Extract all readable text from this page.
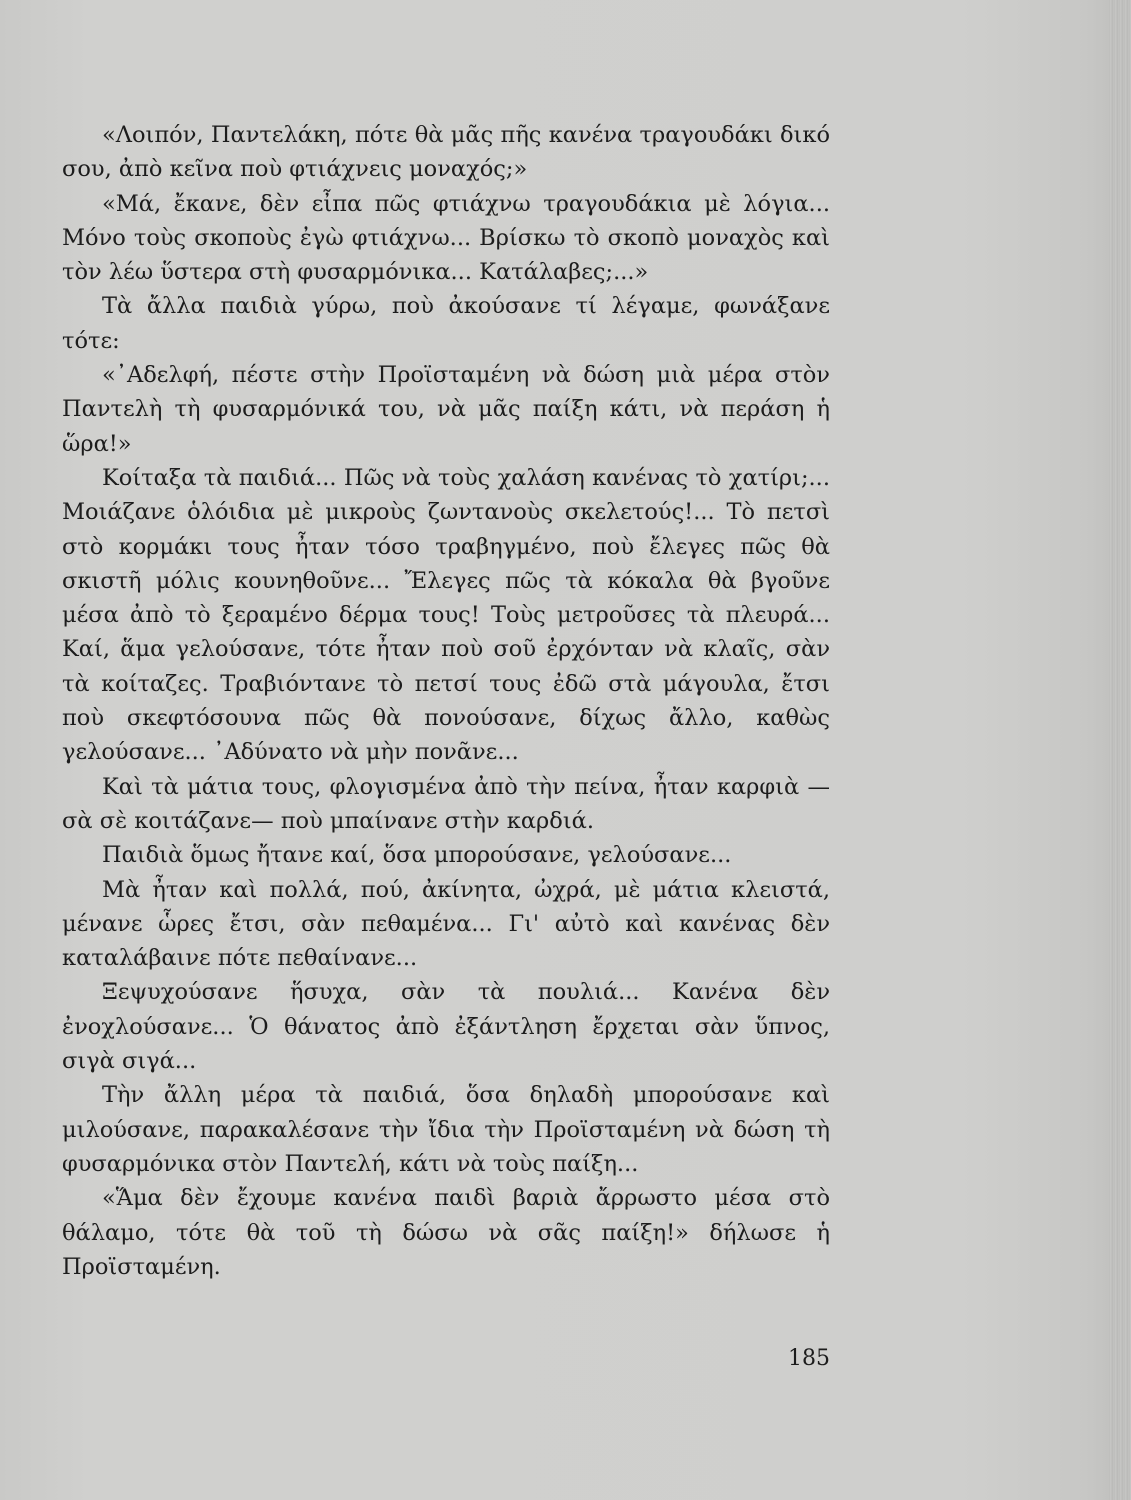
«Λοιπόν, Παντελάκη, πότε θὰ μᾶς πῆς κανένα τραγουδάκι δικό σου, ἀπὸ κεῖνα ποὺ φτιάχνεις μοναχός;»

«Μά, ἔκανε, δὲν εἶπα πῶς φτιάχνω τραγουδάκια μὲ λόγια... Μόνο τοὺς σκοποὺς ἐγὼ φτιάχνω... Βρίσκω τὸ σκοπὸ μοναχὸς καὶ τὸν λέω ὕστερα στὴ φυσαρμόνικα... Κατάλαβες;...»

Τὰ ἄλλα παιδιὰ γύρω, ποὺ ἀκούσανε τί λέγαμε, φωνάξανε τότε:

«᾿Αδελφή, πέστε στὴν Προϊσταμένη νὰ δώση μιὰ μέρα στὸν Παντελὴ τὴ φυσαρμόνικά του, νὰ μᾶς παίξη κάτι, νὰ περάση ἡ ὥρα!»

Κοίταξα τὰ παιδιά... Πῶς νὰ τοὺς χαλάση κανένας τὸ χατίρι;... Μοιάζανε ὁλόιδια μὲ μικροὺς ζωντανοὺς σκελετούς!... Τὸ πετσὶ στὸ κορμάκι τους ἦταν τόσο τραβηγμένο, ποὺ ἔλεγες πῶς θὰ σκιστῆ μόλις κουνηθοῦνε... Ἔλεγες πῶς τὰ κόκαλα θὰ βγοῦνε μέσα ἀπὸ τὸ ξεραμένο δέρμα τους! Τοὺς μετροῦσες τὰ πλευρά... Καί, ἅμα γελούσανε, τότε ἦταν ποὺ σοῦ ἐρχόνταν νὰ κλαῖς, σὰν τὰ κοίταζες. Τραβιόντανε τὸ πετσί τους ἐδῶ στὰ μάγουλα, ἔτσι ποὺ σκεφτόσουνα πῶς θὰ πονούσανε, δίχως ἄλλο, καθὼς γελούσανε... ᾿Αδύνατο νὰ μὴν πονᾶνε...

Καὶ τὰ μάτια τους, φλογισμένα ἀπὸ τὴν πείνα, ἦταν καρφιὰ —σὰ σὲ κοιτάζανε— ποὺ μπαίνανε στὴν καρδιά.

Παιδιὰ ὅμως ἤτανε καί, ὅσα μπορούσανε, γελούσανε...

Μὰ ἦταν καὶ πολλά, πού, ἀκίνητα, ὠχρά, μὲ μάτια κλειστά, μένανε ὧρες ἔτσι, σὰν πεθαμένα... Γι' αὐτὸ καὶ κανένας δὲν καταλάβαινε πότε πεθαίνανε...

Ξεψυχούσανε ἥσυχα, σὰν τὰ πουλιά... Κανένα δὲν ἐνοχλούσανε... Ὁ θάνατος ἀπὸ ἐξάντληση ἔρχεται σὰν ὕπνος, σιγὰ σιγά...

Τὴν ἄλλη μέρα τὰ παιδιά, ὅσα δηλαδὴ μπορούσανε καὶ μιλούσανε, παρακαλέσανε τὴν ἴδια τὴν Προϊσταμένη νὰ δώση τὴ φυσαρμόνικα στὸν Παντελή, κάτι νὰ τοὺς παίξη...

«Ἅμα δὲν ἔχουμε κανένα παιδὶ βαριὰ ἄρρωστο μέσα στὸ θάλαμο, τότε θὰ τοῦ τὴ δώσω νὰ σᾶς παίξη!» δήλωσε ἡ Προϊσταμένη.

185
